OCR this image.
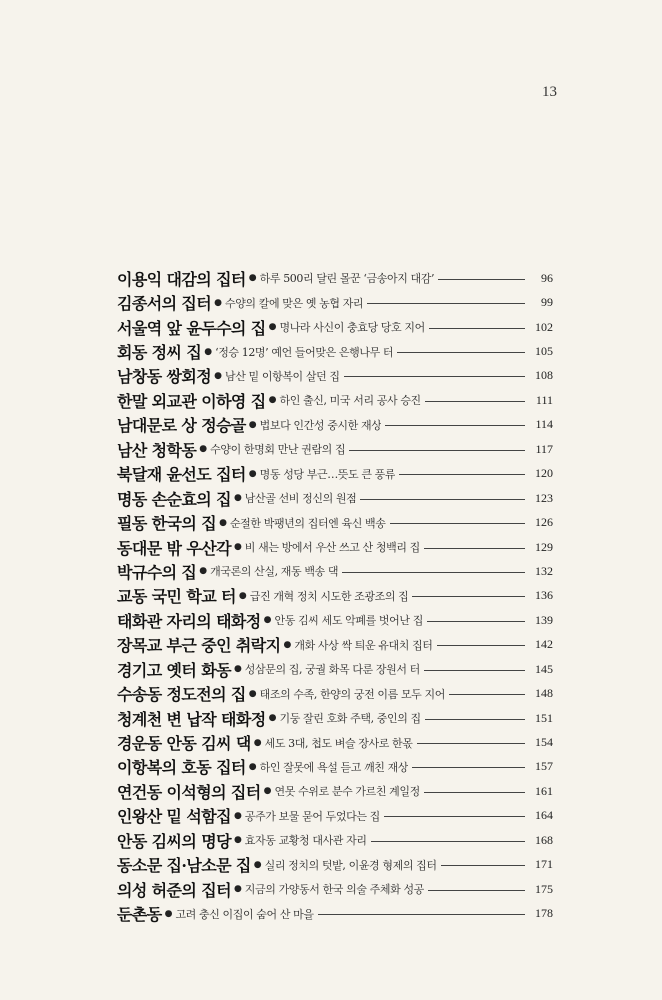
13
이용익 대감의 집터 ● 하루 500리 달린 몰꾼 ‘금송아지 대감’	96
김종서의 집터 ● 수양의 칼에 맞은 옛 농협 자리	99
서울역 앞 윤두수의 집 ● 명나라 사신이 충효당 당호 지어	102
회동 정씨 집 ● ‘정승 12명’ 예언 들어맞은 은행나무 터	105
남창동 쌍회정 ● 남산 밑 이항복이 살던 집	108
한말 외교관 이하영 집 ● 하인 출신, 미국 서리 공사 승진	111
남대문로 상 정승골 ● 법보다 인간성 중시한 재상	114
남산 청학동 ● 수양이 한명회 만난 권람의 집	117
북달재 윤선도 집터 ● 명동 성당 부근…뜻도 큰 풍류	120
명동 손순효의 집 ● 남산골 선비 정신의 원점	123
필동 한국의 집 ● 순절한 박팽년의 집터엔 육신 백송	126
동대문 밖 우산각 ● 비 새는 방에서 우산 쓰고 산 청백리 집	129
박규수의 집 ● 개국론의 산실, 재동 백송 댁	132
교동 국민 학교 터 ● 급진 개혁 정치 시도한 조광조의 집	136
태화관 자리의 태화정 ● 안동 김씨 세도 악폐를 벗어난 집	139
장목교 부근 중인 취락지 ● 개화 사상 싹 틔운 유대치 집터	142
경기고 옛터 화동 ● 성삼문의 집, 궁궐 화목 다룬 장원서 터	145
수송동 정도전의 집 ● 태조의 수족, 한양의 궁전 이름 모두 지어	148
청계천 변 납작 태화정 ● 기둥 잘린 호화 주택, 중인의 집	151
경운동 안동 김씨 댁 ● 세도 3대, 첩도 벼슬 장사로 한몫	154
이항복의 호동 집터 ● 하인 잘못에 욕설 듣고 깨친 재상	157
연건동 이석형의 집터 ● 연못 수위로 분수 가르친 계일정	161
인왕산 밑 석함집 ● 공주가 보물 묻어 두었다는 집	164
안동 김씨의 명당 ● 효자동 교황청 대사관 자리	168
동소문 집·남소문 집 ● 실리 정치의 텃밭, 이윤경 형제의 집터	171
의성 허준의 집터 ● 지금의 가양동서 한국 의술 주체화 성공	175
둔촌동 ● 고려 충신 이집이 숨어 산 마을	178
